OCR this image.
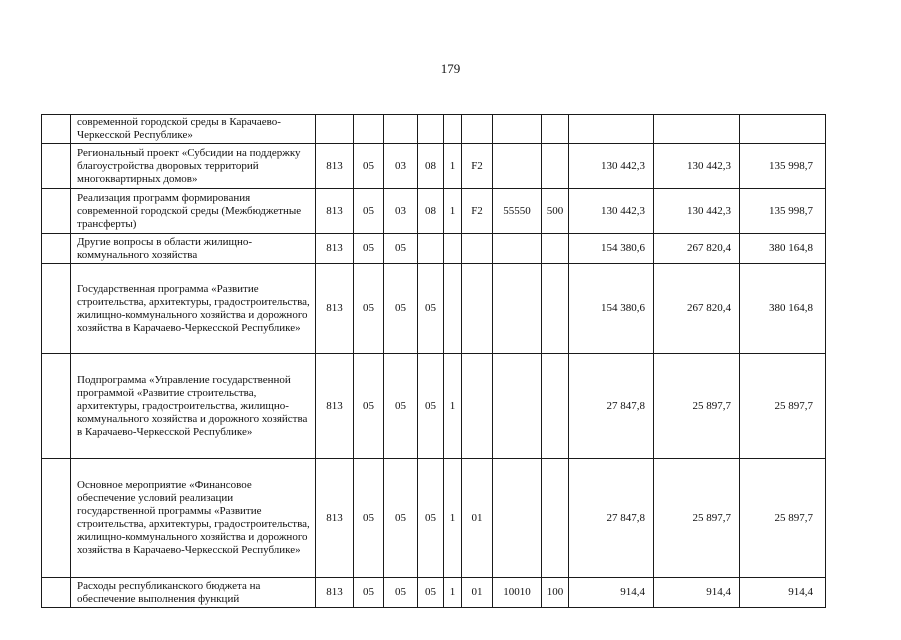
179
	современной городской среды в Карачаево-Черкесской Республике»											
	Региональный проект «Субсидии на поддержку благоустройства дворовых территорий многоквартирных домов»	813	05	03	08	1	F2			130 442,3	130 442,3	135 998,7
	Реализация программ формирования современной городской среды (Межбюджетные трансферты)	813	05	03	08	1	F2	55550	500	130 442,3	130 442,3	135 998,7
	Другие вопросы в области жилищно-коммунального хозяйства	813	05	05						154 380,6	267 820,4	380 164,8
	Государственная программа «Развитие строительства, архитектуры, градостроительства, жилищно-коммунального хозяйства и дорожного хозяйства в Карачаево-Черкесской Республике»	813	05	05	05					154 380,6	267 820,4	380 164,8
	Подпрограмма «Управление государственной программой «Развитие строительства, архитектуры, градостроительства, жилищно-коммунального хозяйства и дорожного хозяйства в Карачаево-Черкесской Республике»	813	05	05	05	1				27 847,8	25 897,7	25 897,7
	Основное мероприятие «Финансовое обеспечение условий реализации государственной программы «Развитие строительства, архитектуры, градостроительства, жилищно-коммунального хозяйства и дорожного хозяйства в Карачаево-Черкесской Республике»	813	05	05	05	1	01			27 847,8	25 897,7	25 897,7
	Расходы республиканского бюджета на обеспечение выполнения функций	813	05	05	05	1	01	10010	100	914,4	914,4	914,4
